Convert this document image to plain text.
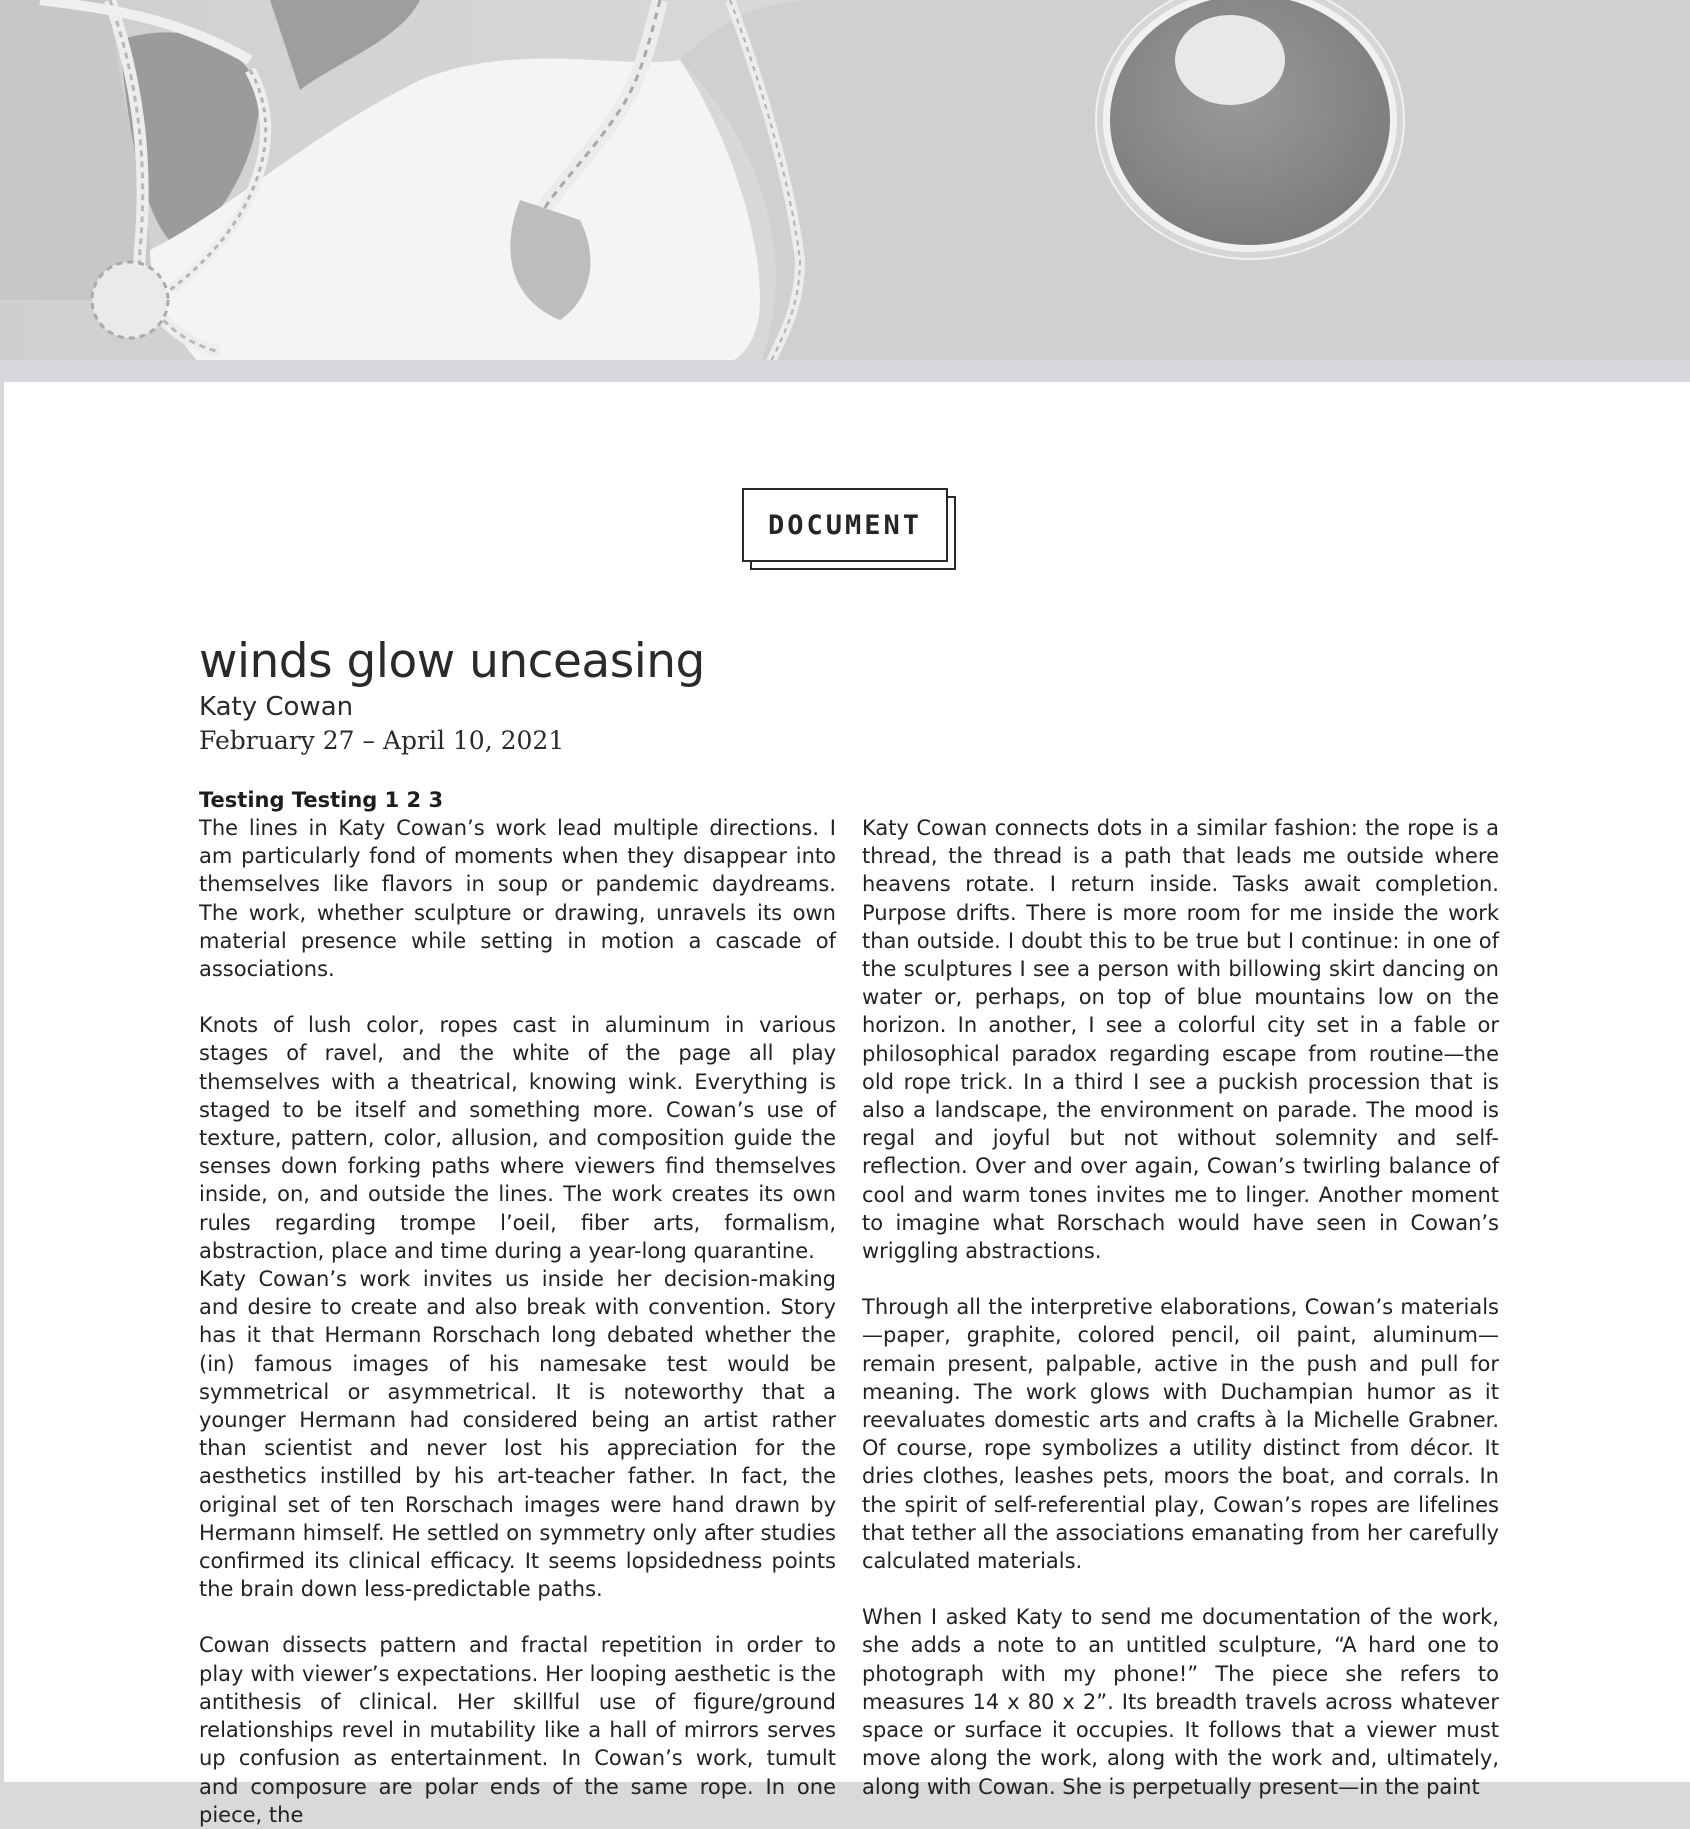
DOCUMENT
winds glow unceasing
Katy Cowan
February 27 – April 10, 2021
Testing Testing 1 2 3

The lines in Katy Cowan’s work lead multiple directions. I am particularly fond of moments when they disappear into themselves like flavors in soup or pandemic daydreams. The work, whether sculpture or drawing, unravels its own material presence while setting in motion a cascade of associations.

Knots of lush color, ropes cast in aluminum in various stages of ravel, and the white of the page all play themselves with a theatrical, knowing wink. Everything is staged to be itself and something more. Cowan’s use of texture, pattern, color, allusion, and composition guide the senses down forking paths where viewers find themselves inside, on, and outside the lines. The work creates its own rules regarding trompe l’oeil, fiber arts, formalism, abstraction, place and time during a year-long quarantine.

Katy Cowan’s work invites us inside her decision-making and desire to create and also break with convention. Story has it that Hermann Rorschach long debated whether the (in) famous images of his namesake test would be symmetrical or asymmetrical. It is noteworthy that a younger Hermann had considered being an artist rather than scientist and never lost his appreciation for the aesthetics instilled by his art-teacher father. In fact, the original set of ten Rorschach images were hand drawn by Hermann himself. He settled on symmetry only after studies confirmed its clinical efficacy. It seems lopsidedness points the brain down less-predictable paths.

Cowan dissects pattern and fractal repetition in order to play with viewer’s expectations. Her looping aesthetic is the antithesis of clinical. Her skillful use of figure/ground relationships revel in mutability like a hall of mirrors serves up confusion as entertainment. In Cowan’s work, tumult and composure are polar ends of the same rope. In one piece, the

Katy Cowan connects dots in a similar fashion: the rope is a thread, the thread is a path that leads me outside where heavens rotate. I return inside. Tasks await completion. Purpose drifts. There is more room for me inside the work than outside. I doubt this to be true but I continue: in one of the sculptures I see a person with billowing skirt dancing on water or, perhaps, on top of blue mountains low on the horizon. In another, I see a colorful city set in a fable or philosophical paradox regarding escape from routine—the old rope trick. In a third I see a puckish procession that is also a landscape, the environment on parade. The mood is regal and joyful but not without solemnity and self-reflection. Over and over again, Cowan’s twirling balance of cool and warm tones invites me to linger. Another moment to imagine what Rorschach would have seen in Cowan’s wriggling abstractions.

Through all the interpretive elaborations, Cowan’s materials—paper, graphite, colored pencil, oil paint, aluminum—remain present, palpable, active in the push and pull for meaning. The work glows with Duchampian humor as it reevaluates domestic arts and crafts à la Michelle Grabner. Of course, rope symbolizes a utility distinct from décor. It dries clothes, leashes pets, moors the boat, and corrals. In the spirit of self-referential play, Cowan’s ropes are lifelines that tether all the associations emanating from her carefully calculated materials.

When I asked Katy to send me documentation of the work, she adds a note to an untitled sculpture, “A hard one to photograph with my phone!” The piece she refers to measures 14 x 80 x 2”. Its breadth travels across whatever space or surface it occupies. It follows that a viewer must move along the work, along with the work and, ultimately, along with Cowan. She is perpetually present—in the paint
